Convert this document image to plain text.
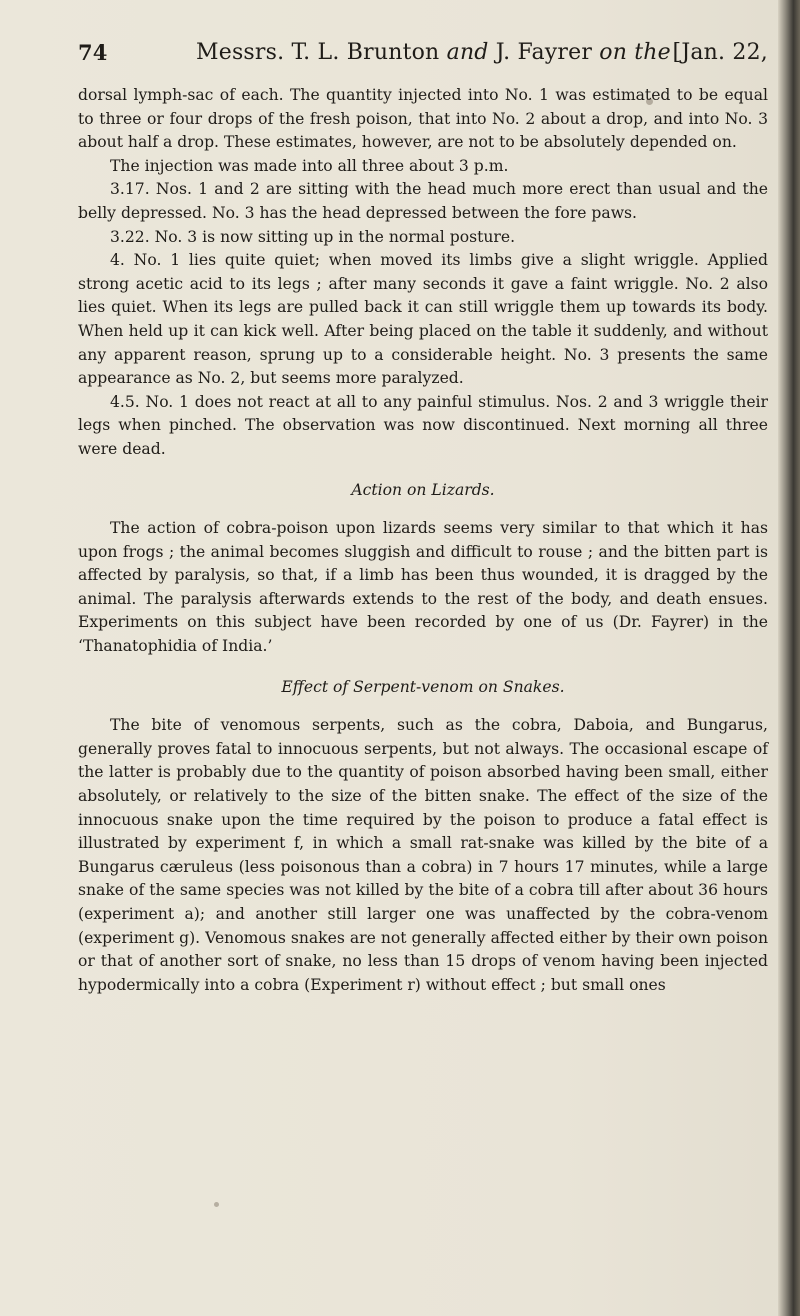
74	Messrs. T. L. Brunton and J. Fayrer on the [Jan. 22,

dorsal lymph-sac of each. The quantity injected into No. 1 was estimated to be equal to three or four drops of the fresh poison, that into No. 2 about a drop, and into No. 3 about half a drop. These estimates, however, are not to be absolutely depended on.

The injection was made into all three about 3 p.m.

3.17. Nos. 1 and 2 are sitting with the head much more erect than usual and the belly depressed. No. 3 has the head depressed between the fore paws.

3.22. No. 3 is now sitting up in the normal posture.

4. No. 1 lies quite quiet; when moved its limbs give a slight wriggle. Applied strong acetic acid to its legs ; after many seconds it gave a faint wriggle. No. 2 also lies quiet. When its legs are pulled back it can still wriggle them up towards its body. When held up it can kick well. After being placed on the table it suddenly, and without any apparent reason, sprung up to a considerable height. No. 3 presents the same appearance as No. 2, but seems more paralyzed.

4.5. No. 1 does not react at all to any painful stimulus. Nos. 2 and 3 wriggle their legs when pinched. The observation was now discontinued. Next morning all three were dead.

Action on Lizards.

The action of cobra-poison upon lizards seems very similar to that which it has upon frogs ; the animal becomes sluggish and difficult to rouse ; and the bitten part is affected by paralysis, so that, if a limb has been thus wounded, it is dragged by the animal. The paralysis afterwards extends to the rest of the body, and death ensues. Experiments on this subject have been recorded by one of us (Dr. Fayrer) in the ‘Thanatophidia of India.’

Effect of Serpent-venom on Snakes.

The bite of venomous serpents, such as the cobra, Daboia, and Bungarus, generally proves fatal to innocuous serpents, but not always. The occasional escape of the latter is probably due to the quantity of poison absorbed having been small, either absolutely, or relatively to the size of the bitten snake. The effect of the size of the innocuous snake upon the time required by the poison to produce a fatal effect is illustrated by experiment f, in which a small rat-snake was killed by the bite of a Bungarus cæruleus (less poisonous than a cobra) in 7 hours 17 minutes, while a large snake of the same species was not killed by the bite of a cobra till after about 36 hours (experiment a); and another still larger one was unaffected by the cobra-venom (experiment g). Venomous snakes are not generally affected either by their own poison or that of another sort of snake, no less than 15 drops of venom having been injected hypodermically into a cobra (Experiment r) without effect ; but small ones
